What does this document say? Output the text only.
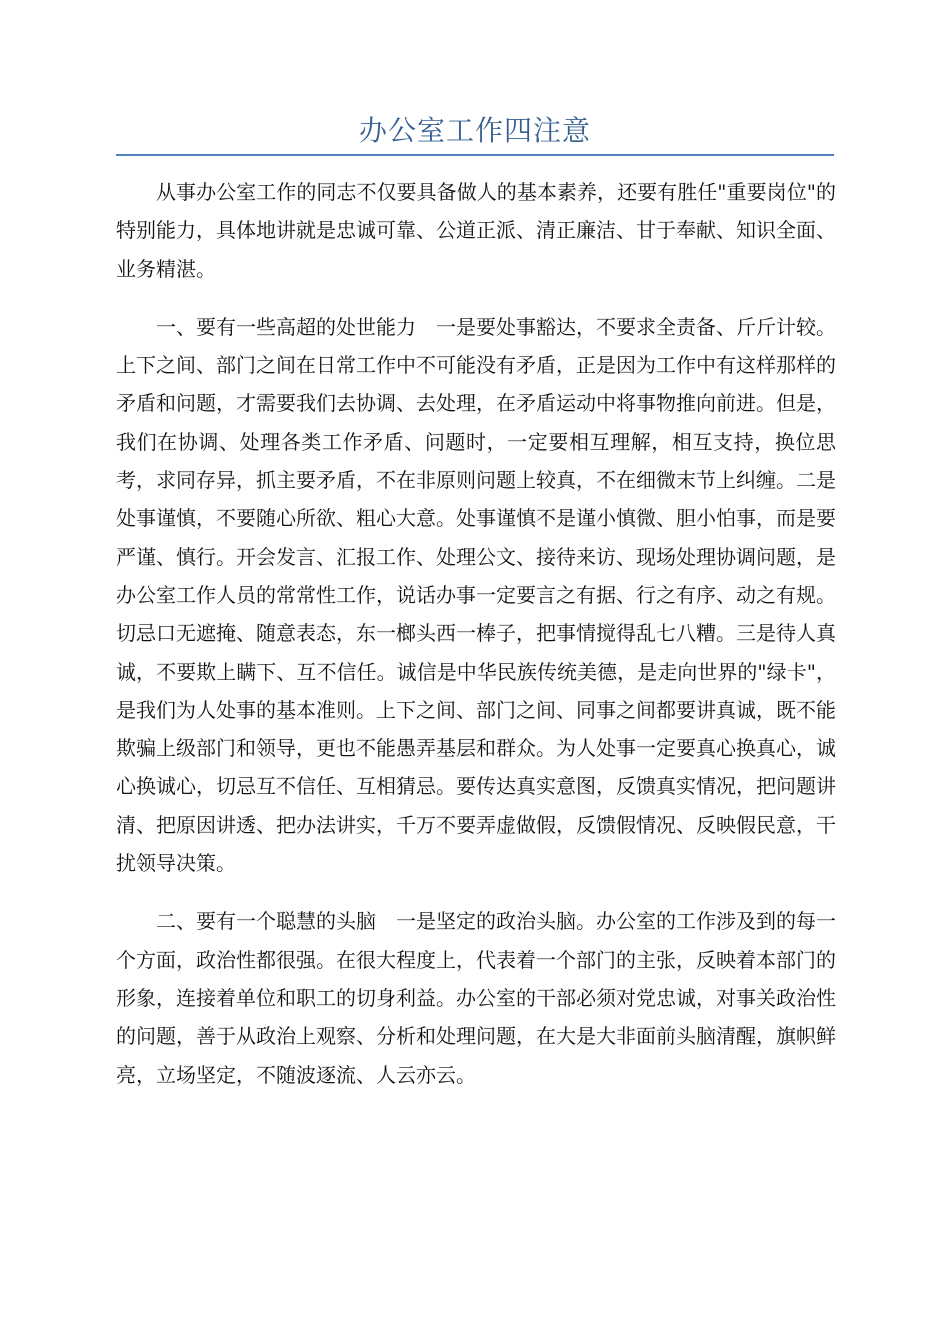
办公室工作四注意

从事办公室工作的同志不仅要具备做人的基本素养，还要有胜任"重要岗位"的特别能力，具体地讲就是忠诚可靠、公道正派、清正廉洁、甘于奉献、知识全面、业务精湛。

一、要有一些高超的处世能力　一是要处事豁达，不要求全责备、斤斤计较。上下之间、部门之间在日常工作中不可能没有矛盾，正是因为工作中有这样那样的矛盾和问题，才需要我们去协调、去处理，在矛盾运动中将事物推向前进。但是，我们在协调、处理各类工作矛盾、问题时，一定要相互理解，相互支持，换位思考，求同存异，抓主要矛盾，不在非原则问题上较真，不在细微末节上纠缠。二是处事谨慎，不要随心所欲、粗心大意。处事谨慎不是谨小慎微、胆小怕事，而是要严谨、慎行。开会发言、汇报工作、处理公文、接待来访、现场处理协调问题，是办公室工作人员的常常性工作，说话办事一定要言之有据、行之有序、动之有规。切忌口无遮掩、随意表态，东一榔头西一棒子，把事情搅得乱七八糟。三是待人真诚，不要欺上瞒下、互不信任。诚信是中华民族传统美德，是走向世界的"绿卡"，是我们为人处事的基本准则。上下之间、部门之间、同事之间都要讲真诚，既不能欺骗上级部门和领导，更也不能愚弄基层和群众。为人处事一定要真心换真心，诚心换诚心，切忌互不信任、互相猜忌。要传达真实意图，反馈真实情况，把问题讲清、把原因讲透、把办法讲实，千万不要弄虚做假，反馈假情况、反映假民意，干扰领导决策。

二、要有一个聪慧的头脑　一是坚定的政治头脑。办公室的工作涉及到的每一个方面，政治性都很强。在很大程度上，代表着一个部门的主张，反映着本部门的形象，连接着单位和职工的切身利益。办公室的干部必须对党忠诚，对事关政治性的问题，善于从政治上观察、分析和处理问题，在大是大非面前头脑清醒，旗帜鲜亮，立场坚定，不随波逐流、人云亦云。
